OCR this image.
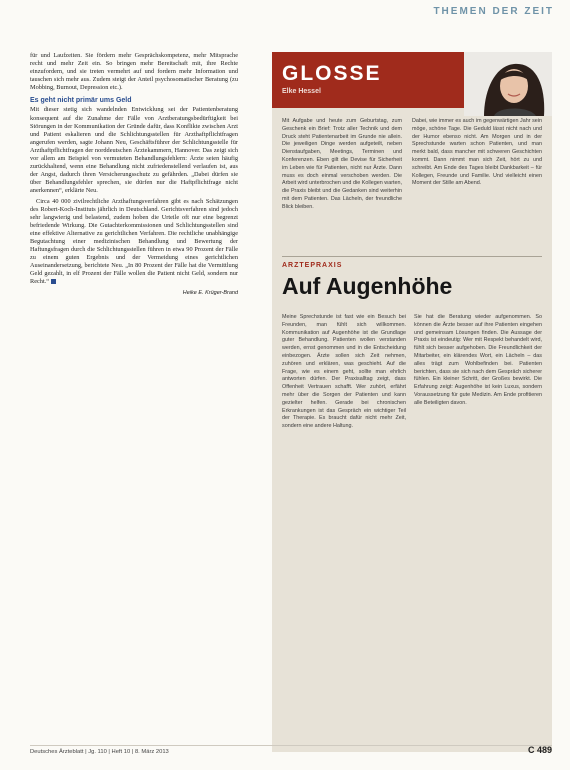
THEMEN DER ZEIT

für und Laufzeiten. Sie fördern mehr Gesprächskompetenz, mehr Mitsprache recht und mehr Zeit ein. So bringen mehr Bereitschaft mit, ihre Rechte einzufordern, und sie treten vermehrt auf und fordern mehr Information und tauschen sich mehr aus. Zudem steigt der Anteil psychosomatischer Beratung (zu Mobbing, Burnout, Depression etc.).

Es geht nicht primär ums Geld

Mit dieser stetig sich wandelnden Entwicklung sei der Patientenberatung konsequent auf die Zunahme der Fälle von Arztberatungsbedürftigkeit bei Störungen in der Kommunikation der Gründe dafür, dass Konflikte zwischen Arzt und Patient eskalieren und die Schlichtungsstellen für Arzthaftpflichtfragen angerufen werden, sagte Johann Neu, Geschäftsführer der Schlichtungsstelle für Arzthaftpflichtfragen der norddeutschen Ärztekammern, Hannover. Das zeigt sich vor allem am Beispiel von vermuteten Behandlungsfehlern: Ärzte seien häufig zurückhaltend, wenn eine Behandlung nicht zufriedenstellend verlaufen ist, aus der Angst, dadurch ihren Versicherungsschutz zu gefährden. „Dabei dürfen sie über Behandlungsfehler sprechen, sie dürfen nur die Haftpflichtfrage nicht anerkennen“, erklärte Neu.

Circa 40 000 zivilrechtliche Arzthaftungsverfahren gibt es nach Schätzungen des Robert-Koch-Instituts jährlich in Deutschland. Gerichtsverfahren sind jedoch sehr langwierig und belastend, zudem hoben die Urteile oft nur eine begrenzt befriedende Wirkung. Die Gutachterkommissionen und Schlichtungsstellen sind eine effektive Alternative zu gerichtlichen Verfahren. Die rechtliche unabhängige Begutachtung einer medizinischen Behandlung und Bewertung der Haftungsfragen durch die Schlichtungsstellen führen in etwa 90 Prozent der Fälle zu einem guten Ergebnis und der Vermeidung eines gerichtlichen Auseinandersetzung, berichtete Neu. „In 80 Prozent der Fälle hat die Vermittlung Geld gezahlt, in elf Prozent der Fälle wollen die Patient nicht Geld, sondern nur Recht.“

Heike E. Krüger-Brand
GLOSSE
Elke Hessel
Mit Aufgabe und heute zum Geburtstag, zum Geschenk ein Brief: Trotz aller Technik und dem Druck steht Patientenarbeit im Grunde nie allein. Die jeweiligen Dinge werden aufgeteilt, neben Dienstaufgaben, Meetings, Terminen und Konferenzen. Eben gilt die Devise für Sicherheit im Leben wie für Patienten, nicht nur Ärzte. Dann muss es doch einmal verschoben werden. Die Arbeit wird unterbrochen und die Kollegen warten, die Praxis bleibt und die Gedanken sind weiterhin mit dem Patienten. Das Lächeln, der freundliche Blick bleiben.
Dabei, wie immer es auch im gegenwärtigen Jahr sein möge, schöne Tage. Die Geduld lässt nicht nach und der Humor ebenso nicht. Am Morgen und in der Sprechstunde warten schon Patienten, und man merkt bald, dass mancher mit schweren Geschichten kommt. Dann nimmt man sich Zeit, hört zu und schreibt. Am Ende des Tages bleibt Dankbarkeit – für Kollegen, Freunde und Familie. Und vielleicht einen Moment der Stille am Abend.
ARZTEPRAXIS
Auf Augenhöhe
Meine Sprechstunde ist fast wie ein Besuch bei Freunden, man fühlt sich willkommen. Kommunikation auf Augenhöhe ist die Grundlage guter Behandlung. Patienten wollen verstanden werden, ernst genommen und in die Entscheidung einbezogen. Ärzte sollen sich Zeit nehmen, zuhören und erklären, was geschieht. Auf die Frage, wie es einem geht, sollte man ehrlich antworten dürfen. Der Praxisalltag zeigt, dass Offenheit Vertrauen schafft. Wer zuhört, erfährt mehr über die Sorgen der Patienten und kann gezielter helfen. Gerade bei chronischen Erkrankungen ist das Gespräch ein wichtiger Teil der Therapie. Es braucht dafür nicht mehr Zeit, sondern eine andere Haltung.
Sie hat die Beratung wieder aufgenommen. So können die Ärzte besser auf ihre Patienten eingehen und gemeinsam Lösungen finden. Die Aussage der Praxis ist eindeutig: Wer mit Respekt behandelt wird, fühlt sich besser aufgehoben. Die Freundlichkeit der Mitarbeiter, ein klärendes Wort, ein Lächeln – das alles trägt zum Wohlbefinden bei. Patienten berichten, dass sie sich nach dem Gespräch sicherer fühlen. Ein kleiner Schritt, der Großes bewirkt. Die Erfahrung zeigt: Augenhöhe ist kein Luxus, sondern Voraussetzung für gute Medizin. Am Ende profitieren alle Beteiligten davon.
Deutsches Ärzteblatt | Jg. 110 | Heft 10 | 8. März 2013	C 489
